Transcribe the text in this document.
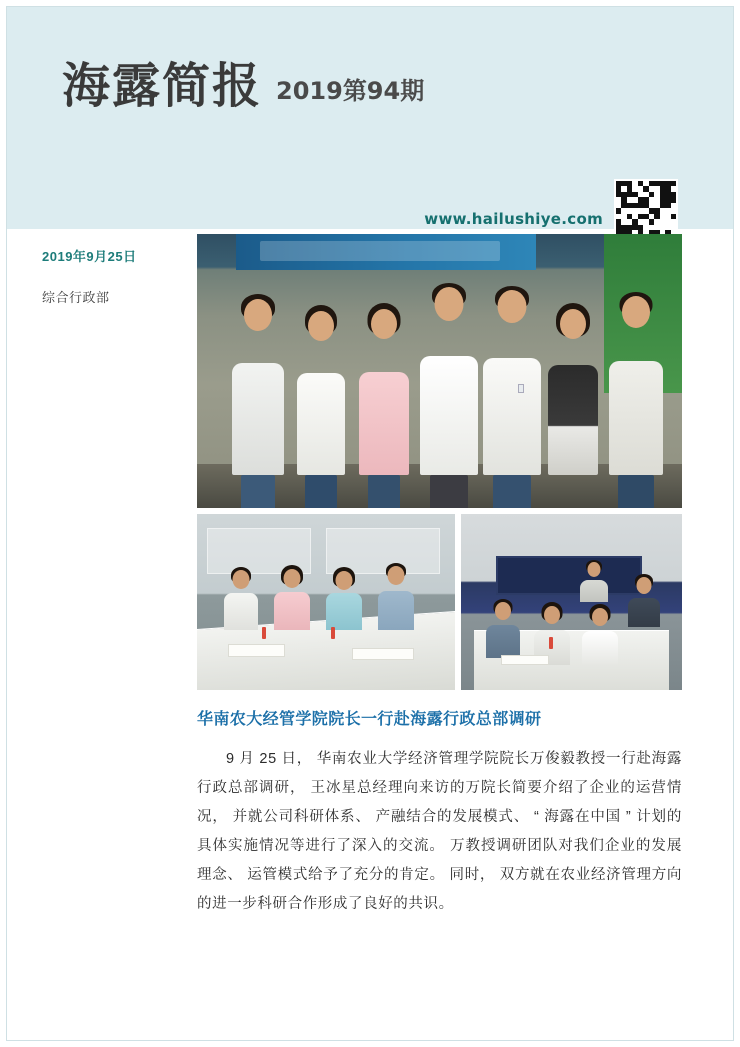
海露简报 2019第94期
www.hailushiye.com
2019年9月25日
综合行政部
华南农大经管学院院长一行赴海露行政总部调研
9 月 25 日， 华南农业大学经济管理学院院长万俊毅教授一行赴海露行政总部调研， 王冰星总经理向来访的万院长简要介绍了企业的运营情况， 并就公司科研体系、 产融结合的发展模式、 “ 海露在中国 ” 计划的具体实施情况等进行了深入的交流。 万教授调研团队对我们企业的发展理念、 运管模式给予了充分的肯定。 同时， 双方就在农业经济管理方向的进一步科研合作形成了良好的共识。
